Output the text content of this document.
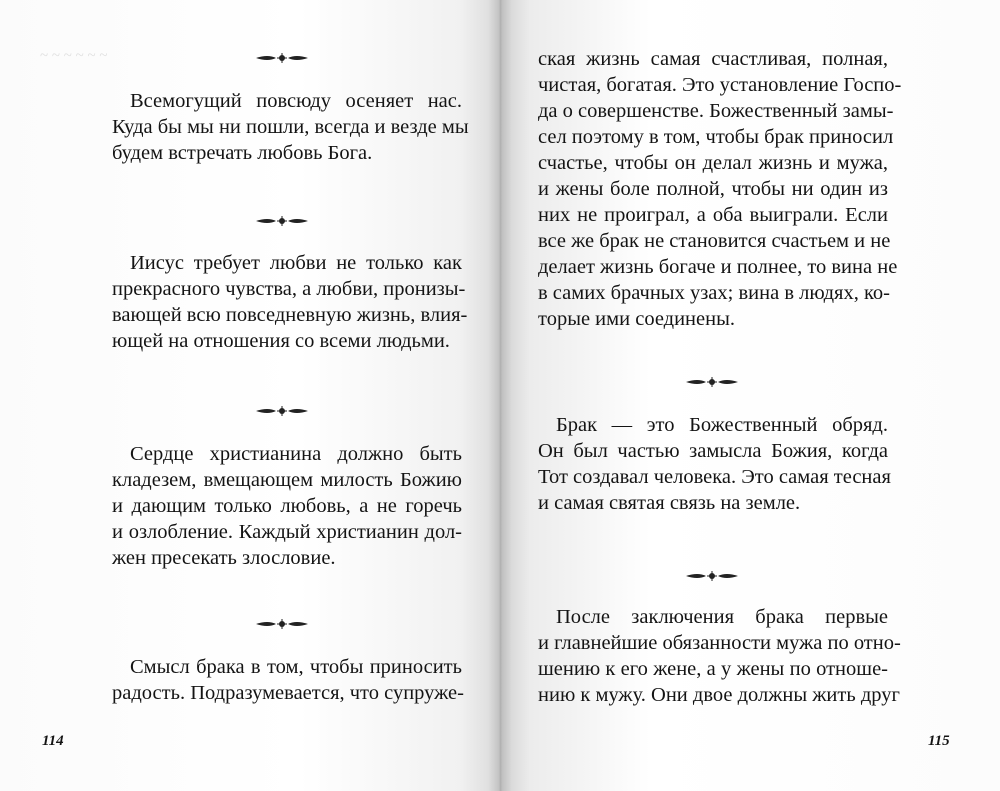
~ ~ ~ ~ ~ ~
Всемогущий повсюду осеняет нас.
Куда бы мы ни пошли, всегда и везде мы
будем встречать любовь Бога.
Иисус требует любви не только как
прекрасного чувства, а любви, пронизы-
вающей всю повседневную жизнь, влия-
ющей на отношения со всеми людьми.
Сердце христианина должно быть
кладезем, вмещающем милость Божию
и дающим только любовь, а не горечь
и озлобление. Каждый христианин дол-
жен пресекать злословие.
Смысл брака в том, чтобы приносить
радость. Подразумевается, что супруже-
114
ская жизнь самая счастливая, полная,
чистая, богатая. Это установление Госпо-
да о совершенстве. Божественный замы-
сел поэтому в том, чтобы брак приносил
счастье, чтобы он делал жизнь и мужа,
и жены боле полной, чтобы ни один из
них не проиграл, а оба выиграли. Если
все же брак не становится счастьем и не
делает жизнь богаче и полнее, то вина не
в самих брачных узах; вина в людях, ко-
торые ими соединены.
Брак — это Божественный обряд.
Он был частью замысла Божия, когда
Тот создавал человека. Это самая тесная
и самая святая связь на земле.
После заключения брака первые
и главнейшие обязанности мужа по отно-
шению к его жене, а у жены по отноше-
нию к мужу. Они двое должны жить друг
115
